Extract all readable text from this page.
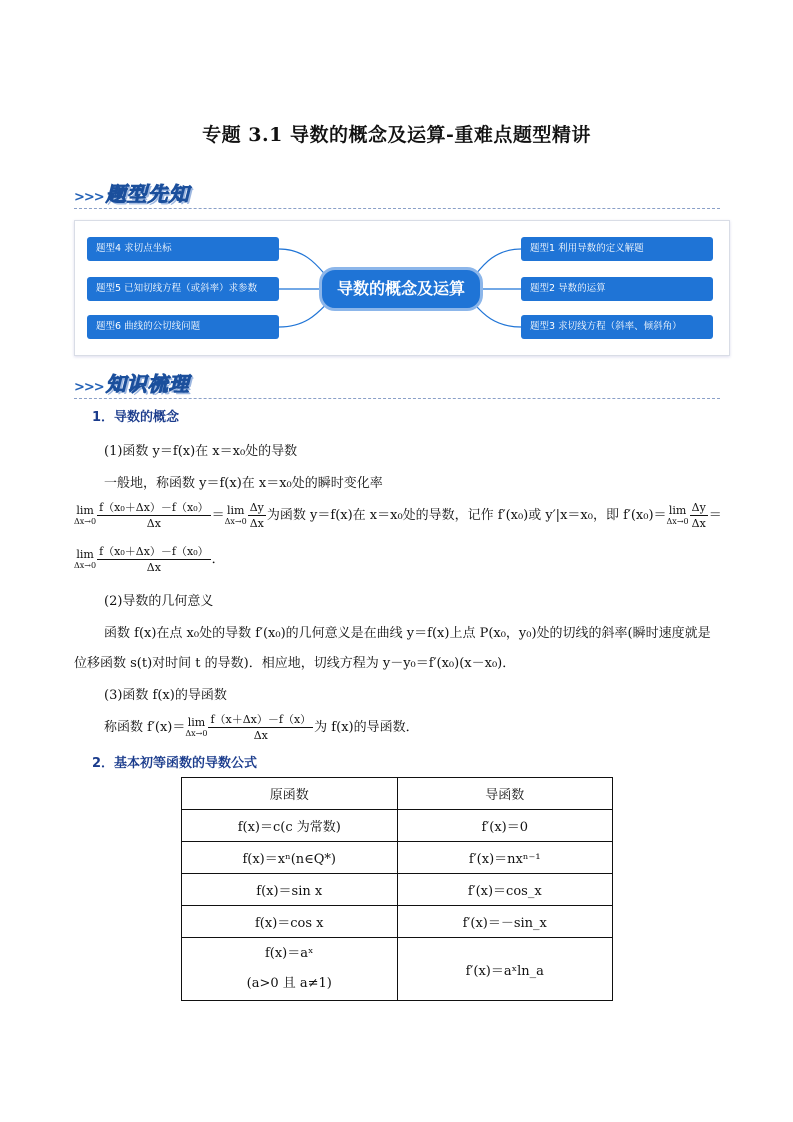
专题 3.1 导数的概念及运算-重难点题型精讲
>>> 题型先知
题型4 求切点坐标
题型5 已知切线方程（或斜率）求参数
题型6 曲线的公切线问题
导数的概念及运算
题型1 利用导数的定义解题
题型2 导数的运算
题型3 求切线方程（斜率、倾斜角）
>>> 知识梳理
1．导数的概念
(1)函数 y＝f(x)在 x＝x₀处的导数
一般地，称函数 y＝f(x)在 x＝x₀处的瞬时变化率
lim
$\Delta x\to 0 \frac{\text{f（x₀＋Δx）－f（x₀）}}{\Delta x} = \lim$
$\Delta x\to 0 \frac{\Delta y}{\Delta x}$ 为函数 y＝f(x)在 x＝x₀处的导数，记作 f′(x₀)或 y′|x＝x₀，即 f′(x₀)＝ lim
$\Delta x\to 0 \frac{\Delta y}{\Delta x}$ ＝
lim
$\Delta x\to 0 \frac{\text{f（x₀＋Δx）－f（x₀）}}{\Delta x}$ ．
(2)导数的几何意义
函数 f(x)在点 x₀处的导数 f′(x₀)的几何意义是在曲线 y＝f(x)上点 P(x₀，y₀)处的切线的斜率(瞬时速度就是
位移函数 s(t)对时间 t 的导数)．相应地，切线方程为 y－y₀＝f′(x₀)(x－x₀)．
(3)函数 f(x)的导函数
称函数 f′(x)＝ lim
$\Delta x\to 0 \frac{f(x+\Delta x)-f(x)}{\Delta x}$ 为 f(x)的导函数．
2．基本初等函数的导数公式
原函数	导函数
f(x)＝c(c 为常数)	f′(x)＝0
f(x)＝xⁿ(n∈Q*)	f′(x)＝nxⁿ⁻¹
f(x)＝sin x	f′(x)＝cos_x
f(x)＝cos x	f′(x)＝－sin_x

f(x)＝aˣ
(a>0 且 a≠1)	f′(x)＝aˣln_a
